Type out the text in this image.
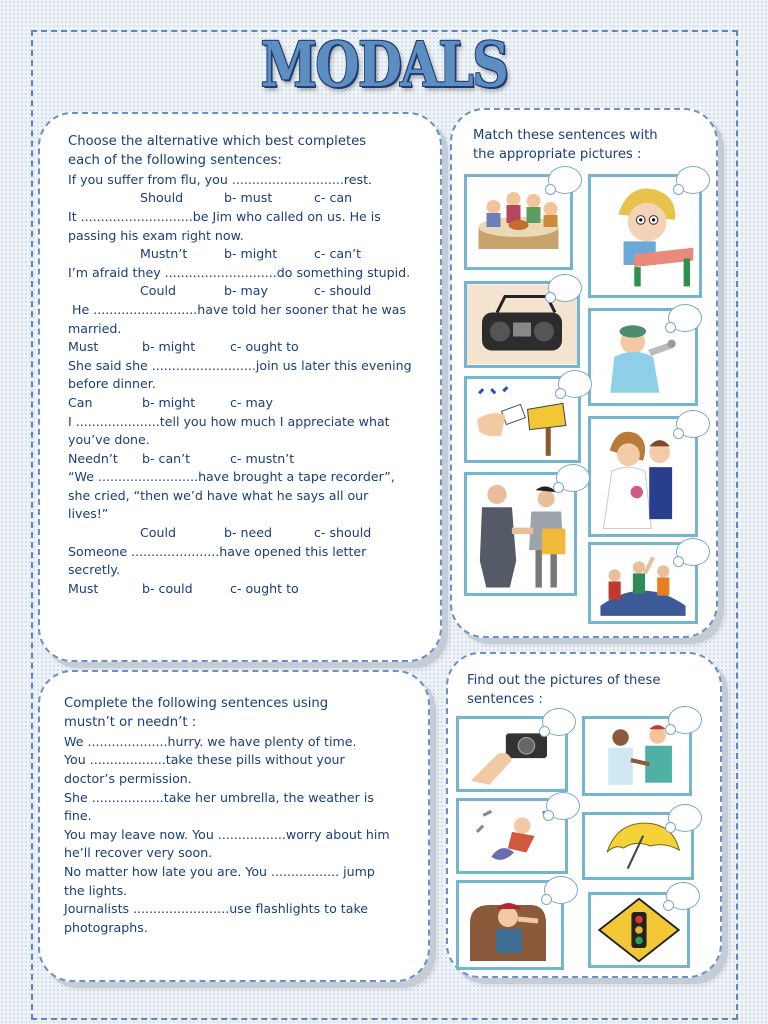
MODALS
Choose the alternative which best completes
each of the following sentences:
If you suffer from flu, you ............................rest.
Should	b- must	c- can
It ............................be Jim who called on us. He is
passing his exam right now.
Mustn’t	b- might	c- can’t
I’m afraid they ............................do something stupid.
Could	b- may	c- should
He ..........................have told her sooner that he was
married.
Must	b- might	c- ought to
She said she ..........................join us later this evening
before dinner.
Can	b- might	c- may
I .....................tell you how much I appreciate what
you’ve done.
Needn’t b- can’t	c- mustn’t
“We .........................have brought a tape recorder”,
she cried, “then we’d have what he says all our
lives!”
Could	b- need	c- should
Someone ......................have opened this letter
secretly.
Must	b- could	c- ought to
Complete the following sentences using
mustn’t or needn’t :
We ....................hurry. we have plenty of time.
You ...................take these pills without your
doctor’s permission.
She ..................take her umbrella, the weather is
fine.
You may leave now. You .................worry about him
he’ll recover very soon.
No matter how late you are. You ................. jump
the lights.
Journalists ........................use flashlights to take
photographs.
Match these sentences with
the appropriate pictures :
Find out the pictures of these
sentences :
